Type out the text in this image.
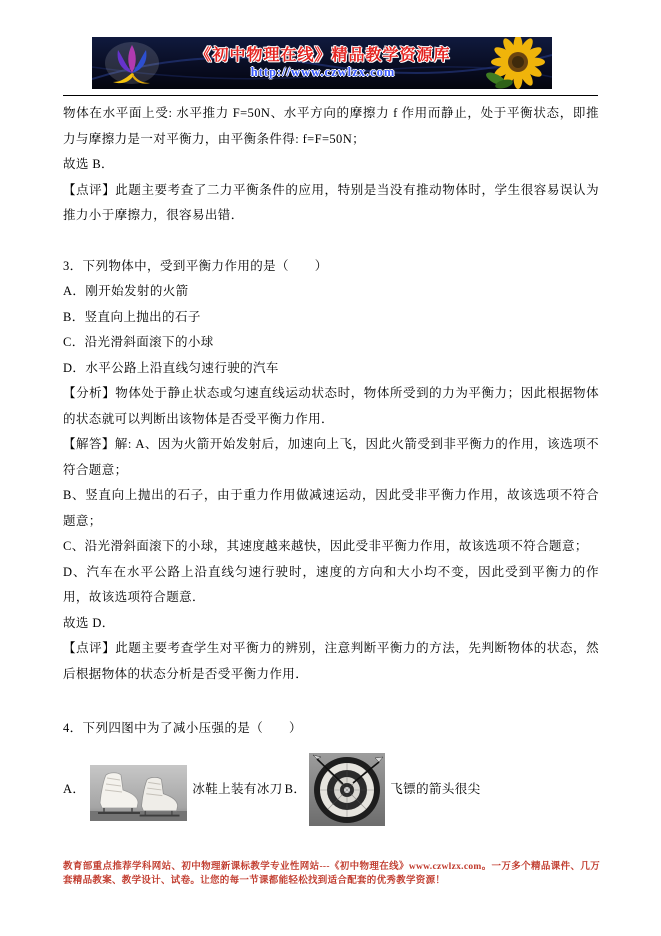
《初中物理在线》精品教学资源库
http://www.czwlzx.com

物体在水平面上受: 水平推力 F=50N、水平方向的摩擦力 f 作用而静止，处于平衡状态，即推力与摩擦力是一对平衡力，由平衡条件得: f=F=50N；

故选 B．

【点评】此题主要考查了二力平衡条件的应用，特别是当没有推动物体时，学生很容易误认为推力小于摩擦力，很容易出错．

3．下列物体中，受到平衡力作用的是（　　）

A．刚开始发射的火箭

B．竖直向上抛出的石子

C．沿光滑斜面滚下的小球

D．水平公路上沿直线匀速行驶的汽车

【分析】物体处于静止状态或匀速直线运动状态时，物体所受到的力为平衡力；因此根据物体的状态就可以判断出该物体是否受平衡力作用．

【解答】解: A、因为火箭开始发射后，加速向上飞，因此火箭受到非平衡力的作用，该选项不符合题意；

B、竖直向上抛出的石子，由于重力作用做减速运动，因此受非平衡力作用，故该选项不符合题意；

C、沿光滑斜面滚下的小球，其速度越来越快，因此受非平衡力作用，故该选项不符合题意；

D、汽车在水平公路上沿直线匀速行驶时，速度的方向和大小均不变，因此受到平衡力的作用，故该选项符合题意．

故选 D．

【点评】此题主要考查学生对平衡力的辨别，注意判断平衡力的方法，先判断物体的状态，然后根据物体的状态分析是否受平衡力作用．

4．下列四图中为了减小压强的是（　　）

A．	冰鞋上装有冰刀 B．	飞镖的箭头很尖
教育部重点推荐学科网站、初中物理新课标教学专业性网站---《初中物理在线》www.czwlzx.com。一万多个精品课件、几万套精品教案、教学设计、试卷。让您的每一节课都能轻松找到适合配套的优秀教学资源！
